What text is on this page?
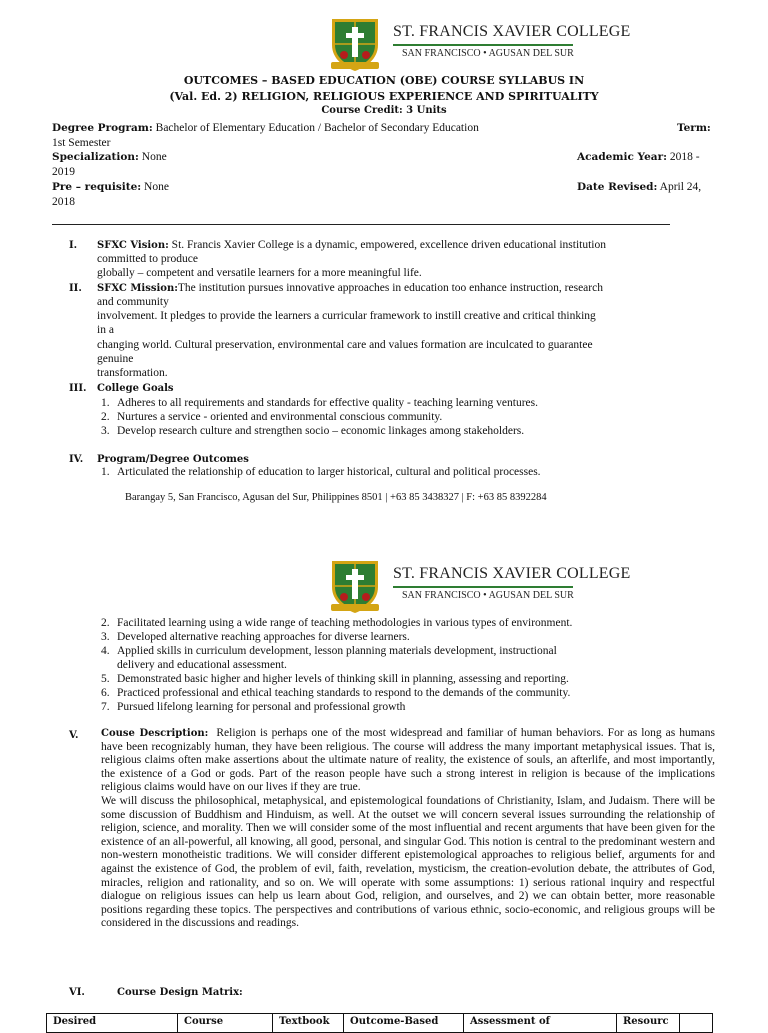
ST. FRANCIS XAVIER COLLEGE
SAN FRANCISCO • AGUSAN DEL SUR
OUTCOMES – BASED EDUCATION (OBE) COURSE SYLLABUS IN
(Val. Ed. 2) RELIGION, RELIGIOUS EXPERIENCE AND SPIRITUALITY
Course Credit: 3 Units
Degree Program: Bachelor of Elementary Education / Bachelor of Secondary Education	Term:
1st Semester
Specialization: None	Academic Year: 2018 -
2019
Pre – requisite: None	Date Revised: April 24,
2018
I. SFXC Vision: St. Francis Xavier College is a dynamic, empowered, excellence driven educational institution
committed to produce
globally – competent and versatile learners for a more meaningful life.
II. SFXC Mission:The institution pursues innovative approaches in education too enhance instruction, research
and community
involvement. It pledges to provide the learners a curricular framework to instill creative and critical thinking
in a
changing world. Cultural preservation, environmental care and values formation are inculcated to guarantee
genuine
transformation.
III. College Goals
1. Adheres to all requirements and standards for effective quality - teaching learning ventures.
2. Nurtures a service - oriented and environmental conscious community.
3. Develop research culture and strengthen socio – economic linkages among stakeholders.
IV. Program/Degree Outcomes
1. Articulated the relationship of education to larger historical, cultural and political processes.
Barangay 5, San Francisco, Agusan del Sur, Philippines 8501 | +63 85 3438327 | F: +63 85 8392284
ST. FRANCIS XAVIER COLLEGE
SAN FRANCISCO • AGUSAN DEL SUR
2. Facilitated learning using a wide range of teaching methodologies in various types of environment.
3. Developed alternative reaching approaches for diverse learners.
4. Applied skills in curriculum development, lesson planning materials development, instructional
delivery and educational assessment.
5. Demonstrated basic higher and higher levels of thinking skill in planning, assessing and reporting.
6. Practiced professional and ethical teaching standards to respond to the demands of the community.
7. Pursued lifelong learning for personal and professional growth
V. Couse Description: Religion is perhaps one of the most widespread and familiar of human behaviors. For as long as humans have been recognizably human, they have been religious. The course will address the many important metaphysical issues. That is, religious claims often make assertions about the ultimate nature of reality, the existence of souls, an afterlife, and most importantly, the existence of a God or gods. Part of the reason people have such a strong interest in religion is because of the implications religious claims would have on our lives if they are true.
We will discuss the philosophical, metaphysical, and epistemological foundations of Christianity, Islam, and Judaism. There will be some discussion of Buddhism and Hinduism, as well. At the outset we will concern several issues surrounding the relationship of religion, science, and morality. Then we will consider some of the most influential and recent arguments that have been given for the existence of an all-powerful, all knowing, all good, personal, and singular God. This notion is central to the predominant western and non-western monotheistic traditions. We will consider different epistemological approaches to religious belief, arguments for and against the existence of God, the problem of evil, faith, revelation, mysticism, the creation-evolution debate, the attributes of God, miracles, religion and rationality, and so on. We will operate with some assumptions: 1) serious rational inquiry and respectful dialogue on religious issues can help us learn about God, religion, and ourselves, and 2) we can obtain better, more reasonable positions regarding these topics. The perspectives and contributions of various ethnic, socio-economic, and religious groups will be considered in the discussions and readings.
VI.	Course Design Matrix:
Desired	Course	Textbook	Outcome-Based	Assessment of	Resourc	
